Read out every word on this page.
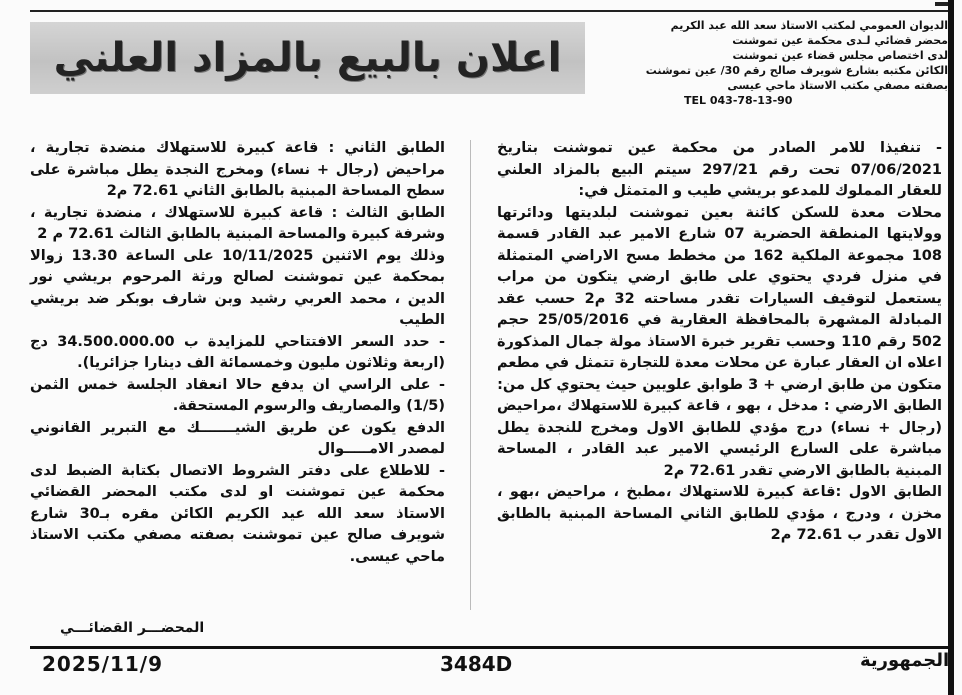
الديوان العمومي لمكتب الاستاذ سعد الله عبد الكريم
محضر قضائي لـدى محكمة عين تموشنت
لدى اختصاص مجلس قضاء عين تموشنت
الكائن مكتبه بشارع شويرف صالح رقم 30/ عين تموشنت
بصفته مصفي مكتب الاستاذ ماحي عيسى
TEL 043-78-13-90
اعلان بالبيع بالمزاد العلني

- تنفيذا للامر الصادر من محكمة عين تموشنت بتاريخ 07/06/2021 تحت رقم 297/21 سيتم البيع بالمزاد العلني للعقار المملوك للمدعو بريشي طيب و المتمثل في:

محلات معدة للسكن كائنة بعين تموشنت لبلديتها ودائرتها وولايتها المنطقة الحضرية 07 شارع الامير عبد القادر قسمة 108 مجموعة الملكية 162 من مخطط مسح الاراضي المتمثلة في منزل فردي يحتوي على طابق ارضي يتكون من مراب يستعمل لتوقيف السيارات تقدر مساحته 32 م2 حسب عقد المبادلة المشهرة بالمحافظة العقارية في 25/05/2016 حجم 502 رقم 110 وحسب تقرير خبرة الاستاذ مولة جمال المذكورة اعلاه ان العقار عبارة عن محلات معدة للتجارة تتمثل في مطعم متكون من طابق ارضي + 3 طوابق علويين حيث يحتوي كل من:

الطابق الارضي : مدخل ، بهو ، قاعة كبيرة للاستهلاك ،مراحيض (رجال + نساء) درج مؤدي للطابق الاول ومخرج للنجدة يطل مباشرة على السارع الرئيسي الامير عبد القادر ، المساحة المبنية بالطابق الارضي تقدر 72.61 م2

الطابق الاول :قاعة كبيرة للاستهلاك ،مطبخ ، مراحيض ،بهو ، مخزن ، ودرج ، مؤدي للطابق الثاني المساحة المبنية بالطابق الاول تقدر ب 72.61 م2

الطابق الثاني : قاعة كبيرة للاستهلاك منضدة تجارية ، مراحيض (رجال + نساء) ومخرج النجدة يطل مباشرة على سطح المساحة المبنية بالطابق الثاني 72.61 م2

الطابق الثالث : قاعة كبيرة للاستهلاك ، منضدة تجارية ، وشرفة كبيرة والمساحة المبنية بالطابق الثالث 72.61 م 2

وذلك يوم الاثنين 10/11/2025 على الساعة 13.30 زوالا بمحكمة عين تموشنت لصالح ورثة المرحوم بريشي نور الدين ، محمد العربي رشيد وبن شارف بوبكر ضد بريشي الطيب

- حدد السعر الافتتاحي للمزايدة ب 34.500.000.00 دج (اربعة وثلاثون مليون وخمسمائة الف دينارا جزائريا).

- على الراسي ان يدفع حالا انعقاد الجلسة خمس الثمن (1/5) والمصاريف والرسوم المستحقة.

الدفع يكون عن طريق الشيـــــــك مع التبرير القانوني لمصدر الامـــــوال

- للاطلاع على دفتر الشروط الاتصال بكتابة الضبط لدى محكمة عين تموشنت او لدى مكتب المحضر القضائي الاستاذ سعد الله عيد الكريم الكائن مقره بـ30 شارع شويرف صالح عين تموشنت بصفته مصفي مكتب الاستاذ ماحي عيسى.

المحضـــر القضائـــي
2025/11/9	3484D	الجمهورية
